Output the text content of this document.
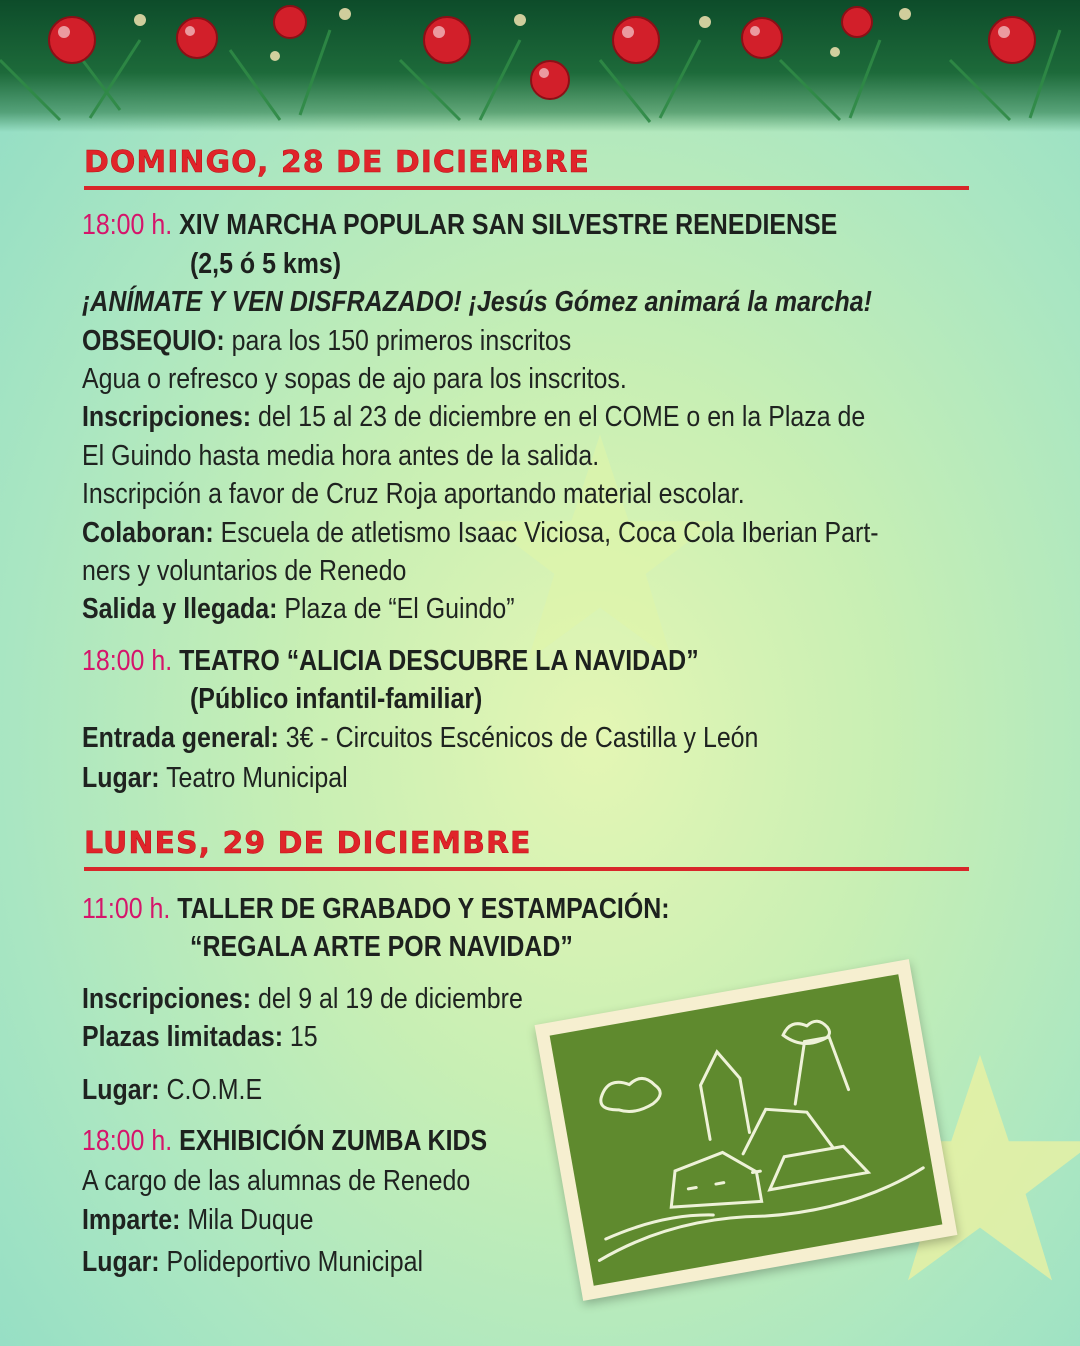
DOMINGO, 28 DE DICIEMBRE
18:00 h. XIV MARCHA POPULAR SAN SILVESTRE RENEDIENSE
(2,5 ó 5 kms)
¡ANÍMATE Y VEN DISFRAZADO! ¡Jesús Gómez animará la marcha!
OBSEQUIO: para los 150 primeros inscritos
Agua o refresco y sopas de ajo para los inscritos.
Inscripciones: del 15 al 23 de diciembre en el COME o en la Plaza de
El Guindo hasta media hora antes de la salida.
Inscripción a favor de Cruz Roja aportando material escolar.
Colaboran: Escuela de atletismo Isaac Viciosa, Coca Cola Iberian Part-
ners y voluntarios de Renedo
Salida y llegada: Plaza de “El Guindo”
18:00 h. TEATRO “ALICIA DESCUBRE LA NAVIDAD”
(Público infantil-familiar)
Entrada general: 3€ - Circuitos Escénicos de Castilla y León
Lugar: Teatro Municipal
LUNES, 29 DE DICIEMBRE
11:00 h. TALLER DE GRABADO Y ESTAMPACIÓN:
“REGALA ARTE POR NAVIDAD”
Inscripciones: del 9 al 19 de diciembre
Plazas limitadas: 15
Lugar: C.O.M.E
18:00 h. EXHIBICIÓN ZUMBA KIDS
A cargo de las alumnas de Renedo
Imparte: Mila Duque
Lugar: Polideportivo Municipal
